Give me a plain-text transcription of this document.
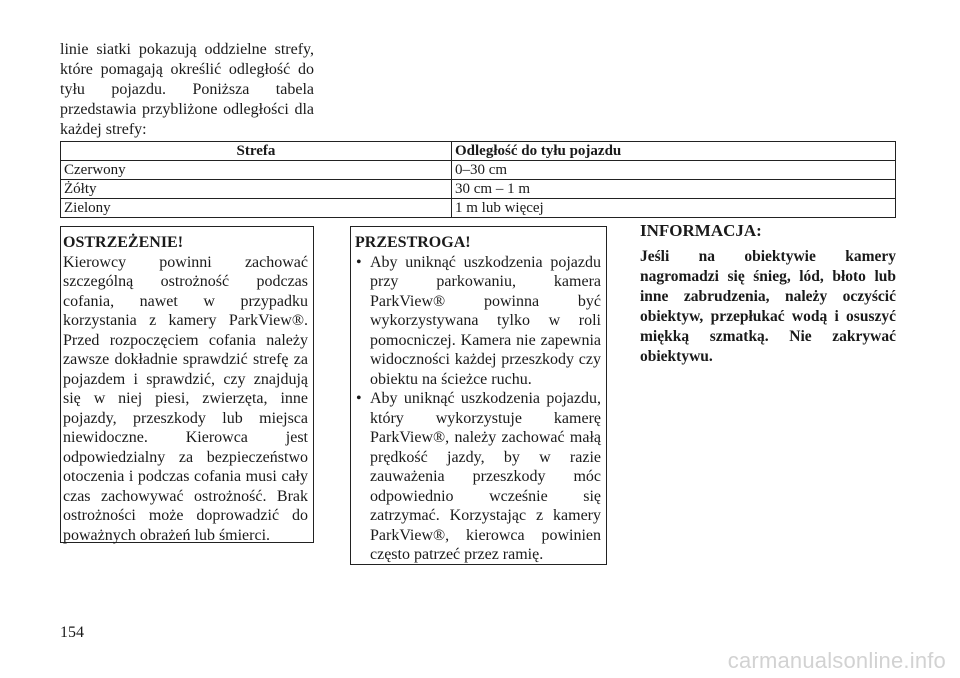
linie siatki pokazują oddzielne strefy, które pomagają określić odległość do tyłu pojazdu. Poniższa tabela przedstawia przybliżone odległości dla każdej strefy:
Strefa	Odległość do tyłu pojazdu
Czerwony	0–30 cm
Żółty	30 cm – 1 m
Zielony	1 m lub więcej
OSTRZEŻENIE!
Kierowcy powinni zachować szczególną ostrożność podczas cofania, nawet w przypadku korzystania z kamery ParkView®. Przed rozpoczęciem cofania należy zawsze dokładnie sprawdzić strefę za pojazdem i sprawdzić, czy znajdują się w niej piesi, zwierzęta, inne pojazdy, przeszkody lub miejsca niewidoczne. Kierowca jest odpowiedzialny za bezpieczeństwo otoczenia i podczas cofania musi cały czas zachowywać ostrożność. Brak ostrożności może doprowadzić do poważnych obrażeń lub śmierci.
PRZESTROGA!
• Aby uniknąć uszkodzenia pojazdu przy parkowaniu, kamera ParkView® powinna być wykorzystywana tylko w roli pomocniczej. Kamera nie zapewnia widoczności każdej przeszkody czy obiektu na ścieżce ruchu.
• Aby uniknąć uszkodzenia pojazdu, który wykorzystuje kamerę ParkView®, należy zachować małą prędkość jazdy, by w razie zauważenia przeszkody móc odpowiednio wcześnie się zatrzymać. Korzystając z kamery ParkView®, kierowca powinien często patrzeć przez ramię.
INFORMACJA:
Jeśli na obiektywie kamery nagromadzi się śnieg, lód, błoto lub inne zabrudzenia, należy oczyścić obiektyw, przepłukać wodą i osuszyć miękką szmatką. Nie zakrywać obiektywu.
154
carmanualsonline.info
